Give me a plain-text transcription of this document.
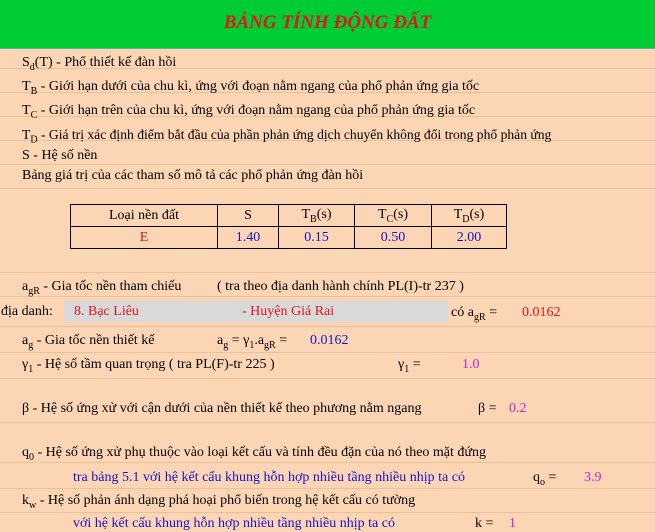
BẢNG TÍNH ĐỘNG ĐẤT
$S_d(T)$ - Phổ thiết kế đàn hồi
$T_B$ - Giới hạn dưới của chu kì, ứng với đoạn nằm ngang của phổ phản ứng gia tốc
$T_C$ - Giới hạn trên của chu kì, ứng với đoạn nằm ngang của phổ phản ứng gia tốc
$T_D$ - Giá trị xác định điểm bắt đầu của phần phản ứng dịch chuyển không đổi trong phổ phản ứng
S - Hệ số nền
Bảng giá trị của các tham số mô tả các phổ phản ứng đàn hồi
Loại nền đất	S	$T_B(s)$	$T_C(s)$	$T_D(s)$
E	1.40	0.15	0.50	2.00
$a_{gR}$ - Gia tốc nền tham chiếu	( tra theo địa danh hành chính PL(I)-tr 237 )
địa danh:	8. Bạc Liêu	- Huyện Giá Rai	có $a_{gR} = 0.0162$
$a_g$ - Gia tốc nền thiết kế	$a_g = \gamma_1.a_{gR} = 0.0162$
$\gamma_1$ - Hệ số tầm quan trọng ( tra PL(F)-tr 225 )	$\gamma_1$ =	1.0
β - Hệ số ứng xử với cận dưới của nền thiết kế theo phương nằm ngang	β = 0.2
$q_0$ - Hệ số ứng xử phụ thuộc vào loại kết cấu và tính đều đặn của nó theo mặt đứng
tra bảng 5.1 với hệ kết cấu khung hỗn hợp nhiều tầng nhiều nhịp ta có	$q_o = 3.9$
$k_w$ - Hệ số phản ánh dạng phá hoại phổ biến trong hệ kết cấu có tường
với hệ kết cấu khung hỗn hợp nhiều tầng nhiều nhịp ta có	k = 1
